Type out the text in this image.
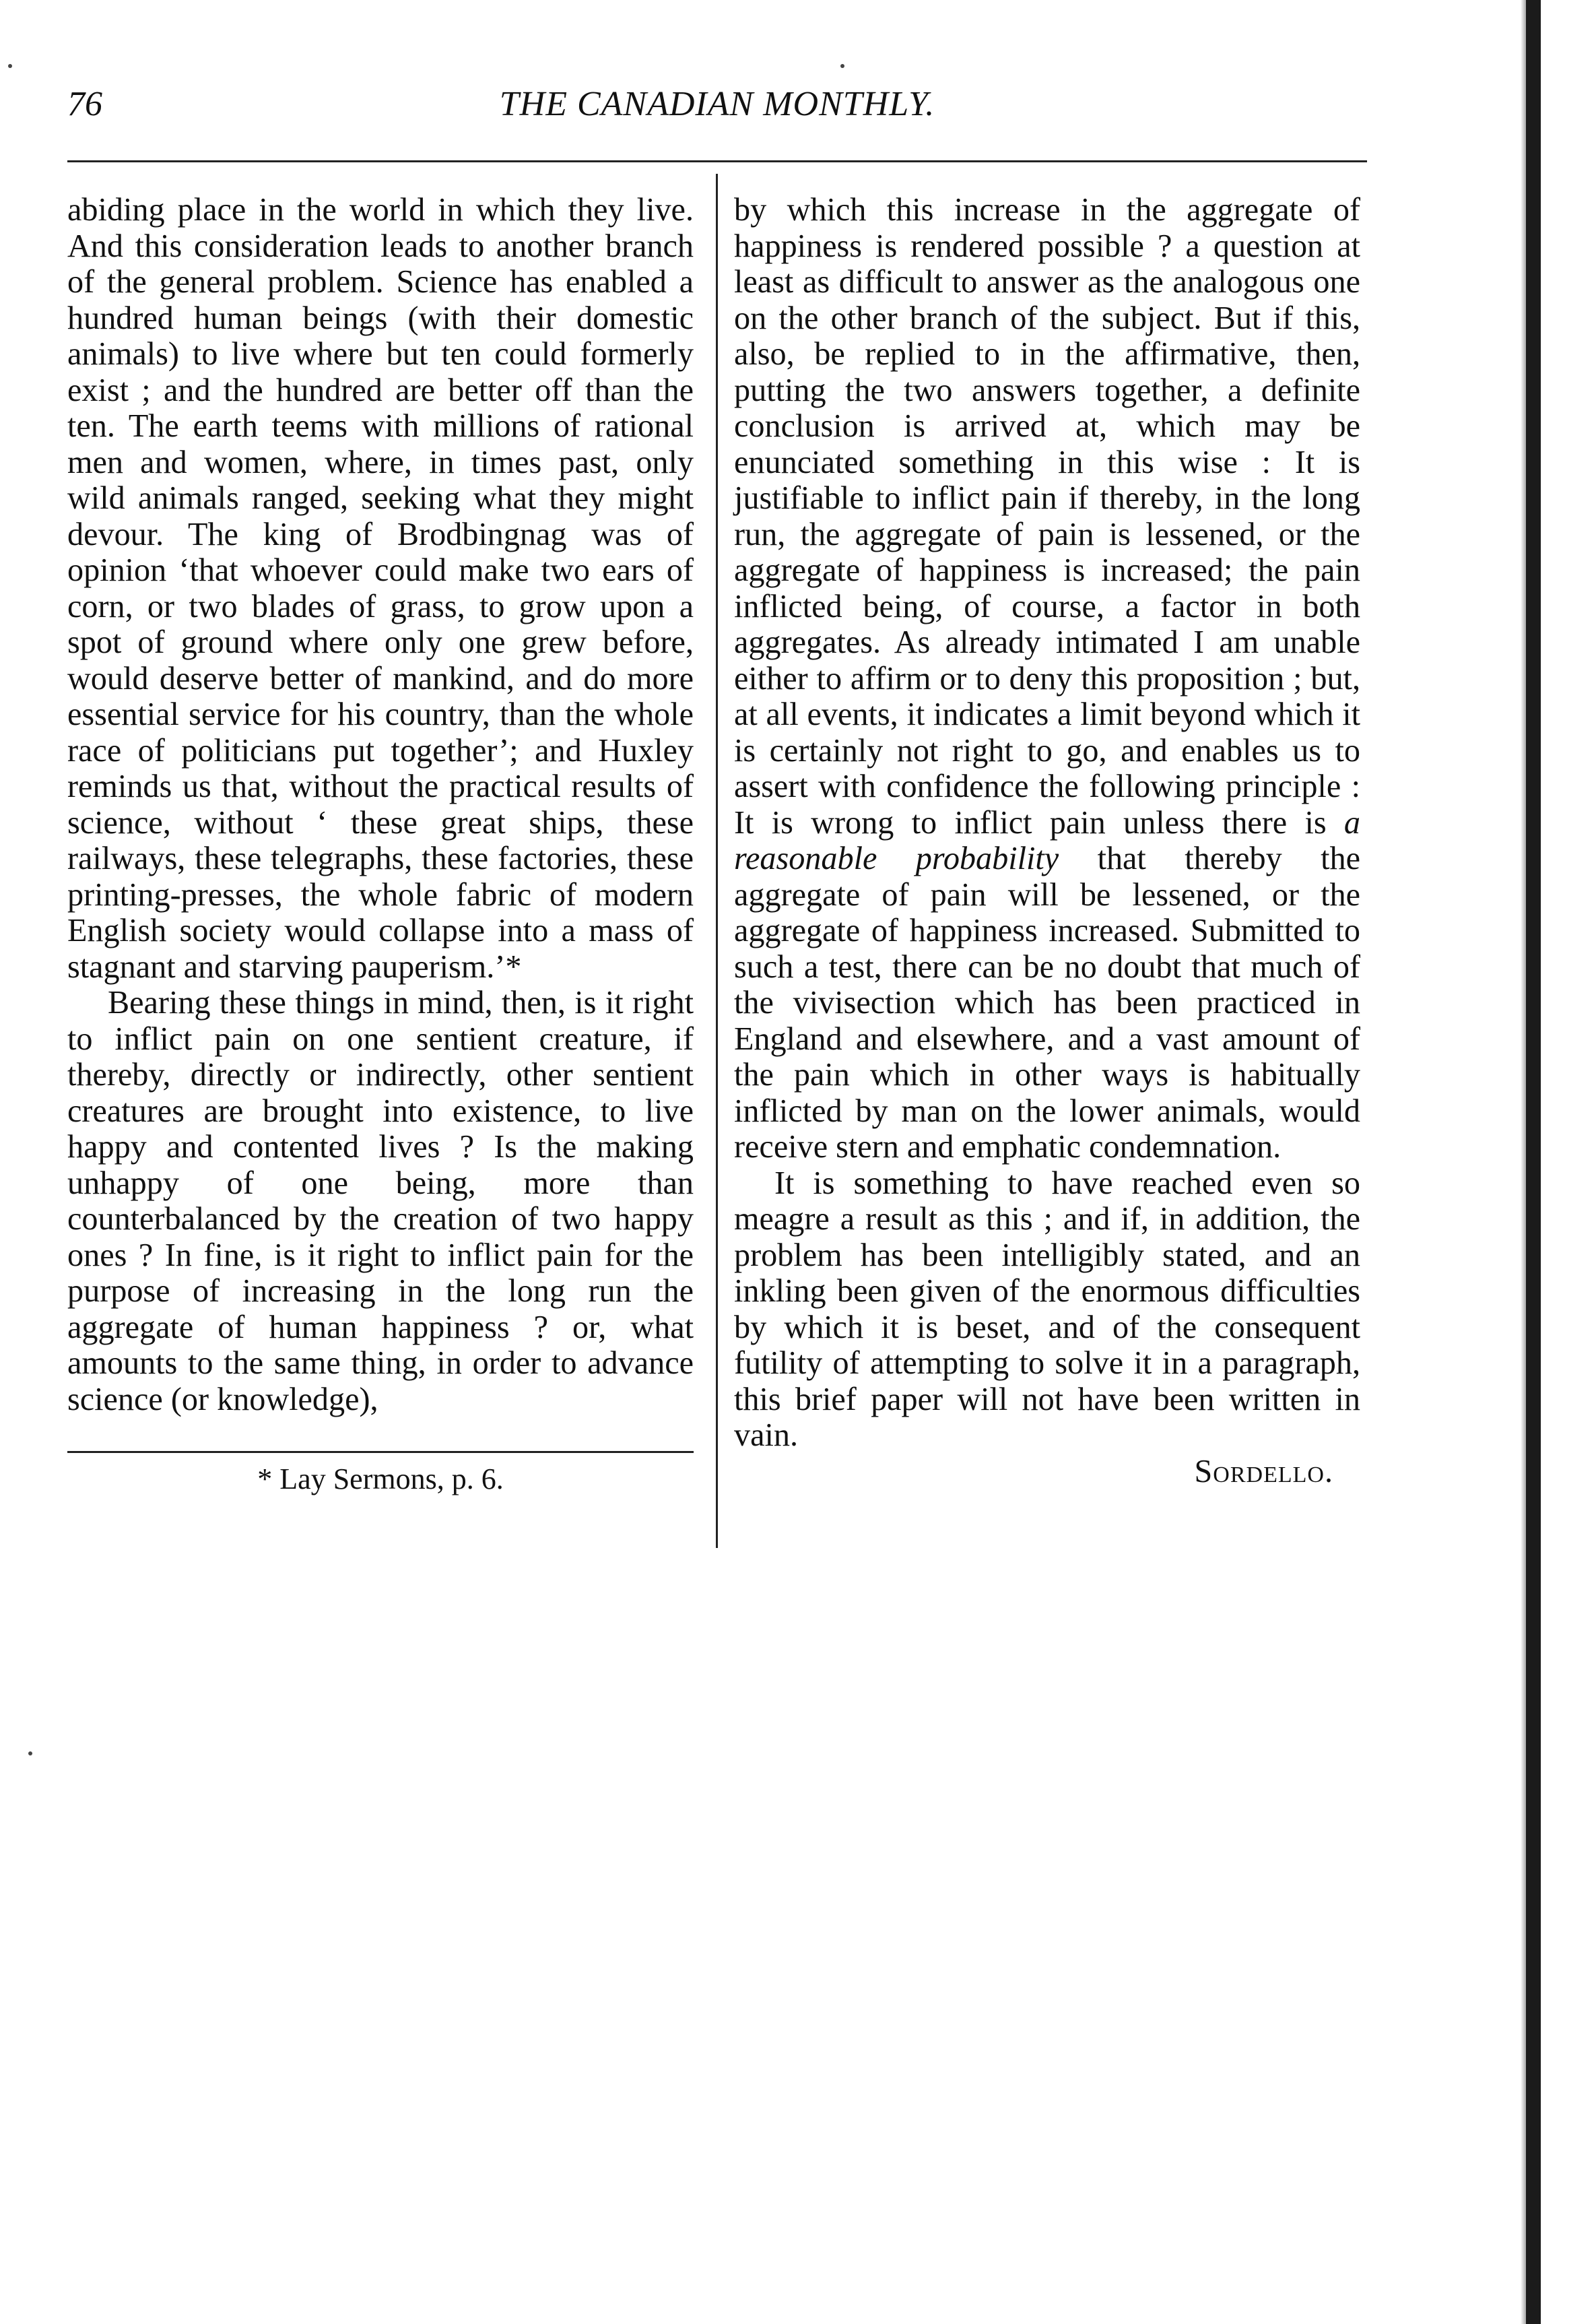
76	THE CANADIAN MONTHLY.

abiding place in the world in which they live. And this consideration leads to another branch of the general problem. Science has enabled a hundred human beings (with their domestic animals) to live where but ten could formerly exist ; and the hundred are better off than the ten. The earth teems with millions of rational men and women, where, in times past, only wild animals ranged, seeking what they might devour. The king of Brodbingnag was of opinion ‘that whoever could make two ears of corn, or two blades of grass, to grow upon a spot of ground where only one grew before, would deserve better of mankind, and do more essential service for his country, than the whole race of politicians put together’; and Huxley reminds us that, without the practical results of science, without ‘ these great ships, these railways, these telegraphs, these factories, these printing-presses, the whole fabric of modern English society would collapse into a mass of stagnant and starving pauperism.’*

Bearing these things in mind, then, is it right to inflict pain on one sentient creature, if thereby, directly or indirectly, other sentient creatures are brought into existence, to live happy and contented lives ? Is the making unhappy of one being, more than counterbalanced by the creation of two happy ones ? In fine, is it right to inflict pain for the purpose of increasing in the long run the aggregate of human happiness ? or, what amounts to the same thing, in order to advance science (or knowledge),

* Lay Sermons, p. 6.

by which this increase in the aggregate of happiness is rendered possible ? a question at least as difficult to answer as the analogous one on the other branch of the subject. But if this, also, be replied to in the affirmative, then, putting the two answers together, a definite conclusion is arrived at, which may be enunciated something in this wise : It is justifiable to inflict pain if thereby, in the long run, the aggregate of pain is lessened, or the aggregate of happiness is increased; the pain inflicted being, of course, a factor in both aggregates. As already intimated I am unable either to affirm or to deny this proposition ; but, at all events, it indicates a limit beyond which it is certainly not right to go, and enables us to assert with confidence the following principle : It is wrong to inflict pain unless there is a reasonable probability that thereby the aggregate of pain will be lessened, or the aggregate of happiness increased. Submitted to such a test, there can be no doubt that much of the vivisection which has been practiced in England and elsewhere, and a vast amount of the pain which in other ways is habitually inflicted by man on the lower animals, would receive stern and emphatic condemnation.

It is something to have reached even so meagre a result as this ; and if, in addition, the problem has been intelligibly stated, and an inkling been given of the enormous difficulties by which it is beset, and of the consequent futility of attempting to solve it in a paragraph, this brief paper will not have been written in vain.

Sordello.
